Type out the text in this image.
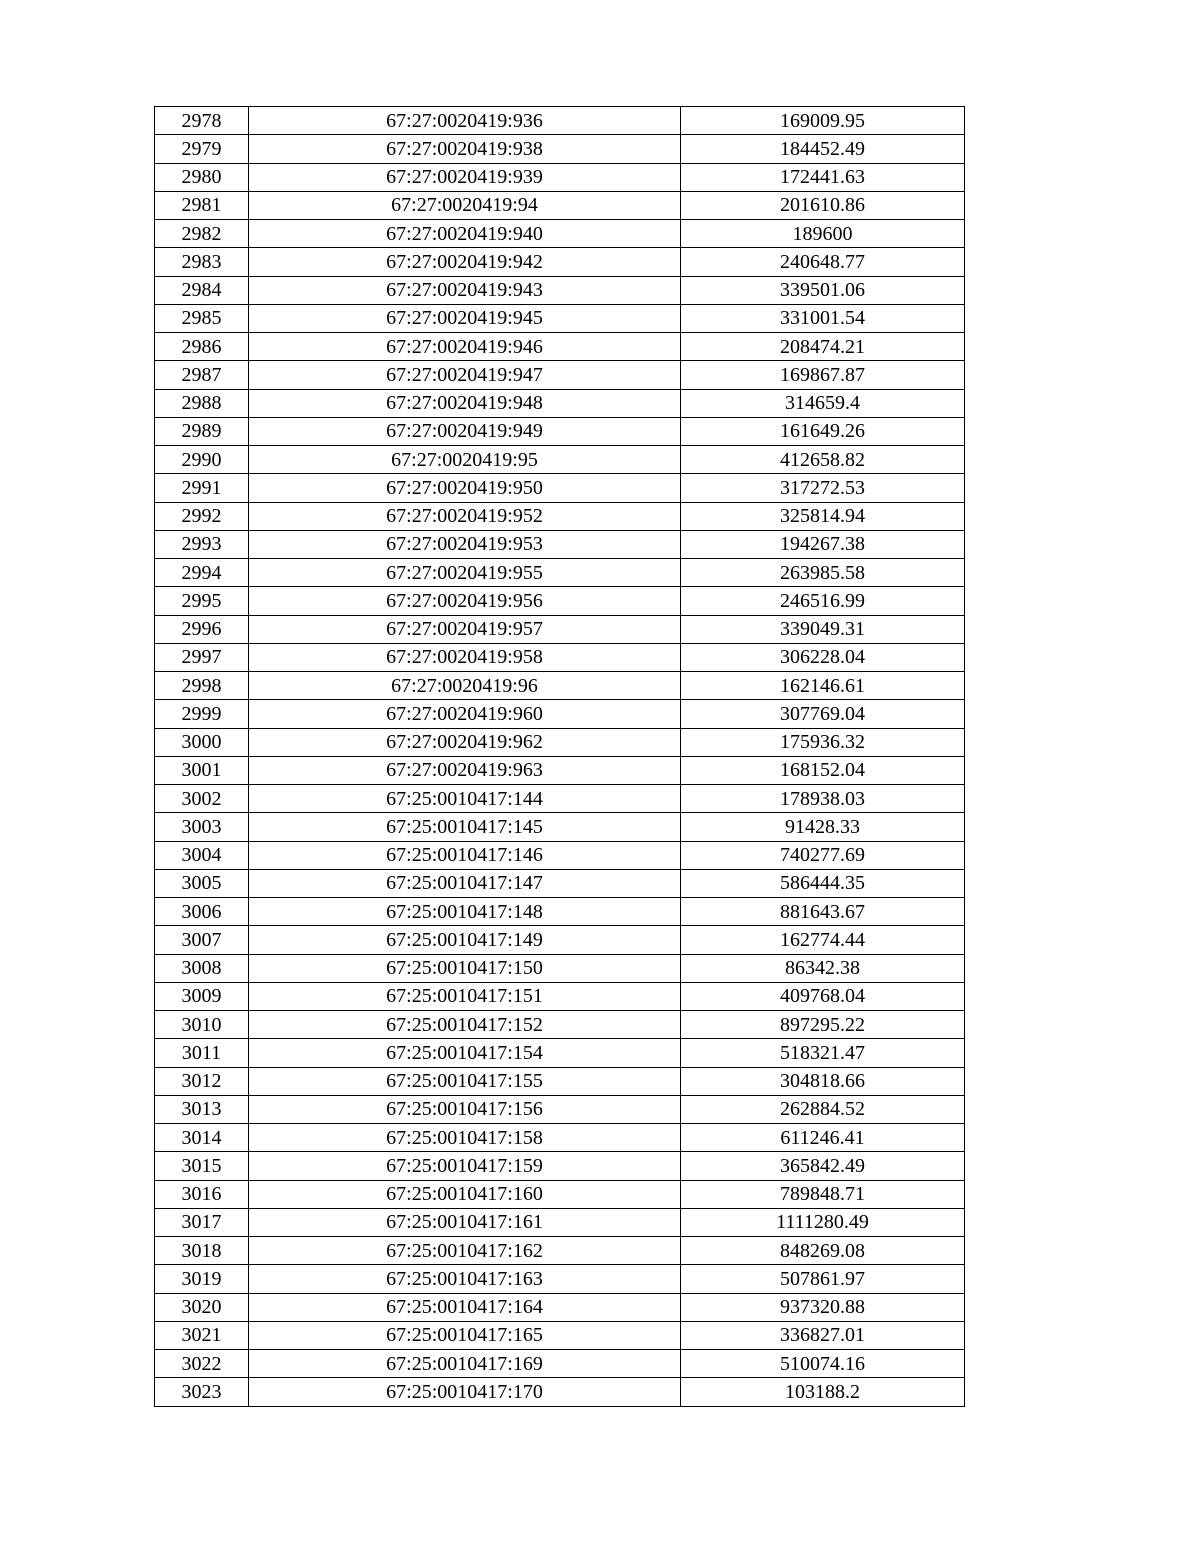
2978	67:27:0020419:936	169009.95
2979	67:27:0020419:938	184452.49
2980	67:27:0020419:939	172441.63
2981	67:27:0020419:94	201610.86
2982	67:27:0020419:940	189600
2983	67:27:0020419:942	240648.77
2984	67:27:0020419:943	339501.06
2985	67:27:0020419:945	331001.54
2986	67:27:0020419:946	208474.21
2987	67:27:0020419:947	169867.87
2988	67:27:0020419:948	314659.4
2989	67:27:0020419:949	161649.26
2990	67:27:0020419:95	412658.82
2991	67:27:0020419:950	317272.53
2992	67:27:0020419:952	325814.94
2993	67:27:0020419:953	194267.38
2994	67:27:0020419:955	263985.58
2995	67:27:0020419:956	246516.99
2996	67:27:0020419:957	339049.31
2997	67:27:0020419:958	306228.04
2998	67:27:0020419:96	162146.61
2999	67:27:0020419:960	307769.04
3000	67:27:0020419:962	175936.32
3001	67:27:0020419:963	168152.04
3002	67:25:0010417:144	178938.03
3003	67:25:0010417:145	91428.33
3004	67:25:0010417:146	740277.69
3005	67:25:0010417:147	586444.35
3006	67:25:0010417:148	881643.67
3007	67:25:0010417:149	162774.44
3008	67:25:0010417:150	86342.38
3009	67:25:0010417:151	409768.04
3010	67:25:0010417:152	897295.22
3011	67:25:0010417:154	518321.47
3012	67:25:0010417:155	304818.66
3013	67:25:0010417:156	262884.52
3014	67:25:0010417:158	611246.41
3015	67:25:0010417:159	365842.49
3016	67:25:0010417:160	789848.71
3017	67:25:0010417:161	1111280.49
3018	67:25:0010417:162	848269.08
3019	67:25:0010417:163	507861.97
3020	67:25:0010417:164	937320.88
3021	67:25:0010417:165	336827.01
3022	67:25:0010417:169	510074.16
3023	67:25:0010417:170	103188.2
